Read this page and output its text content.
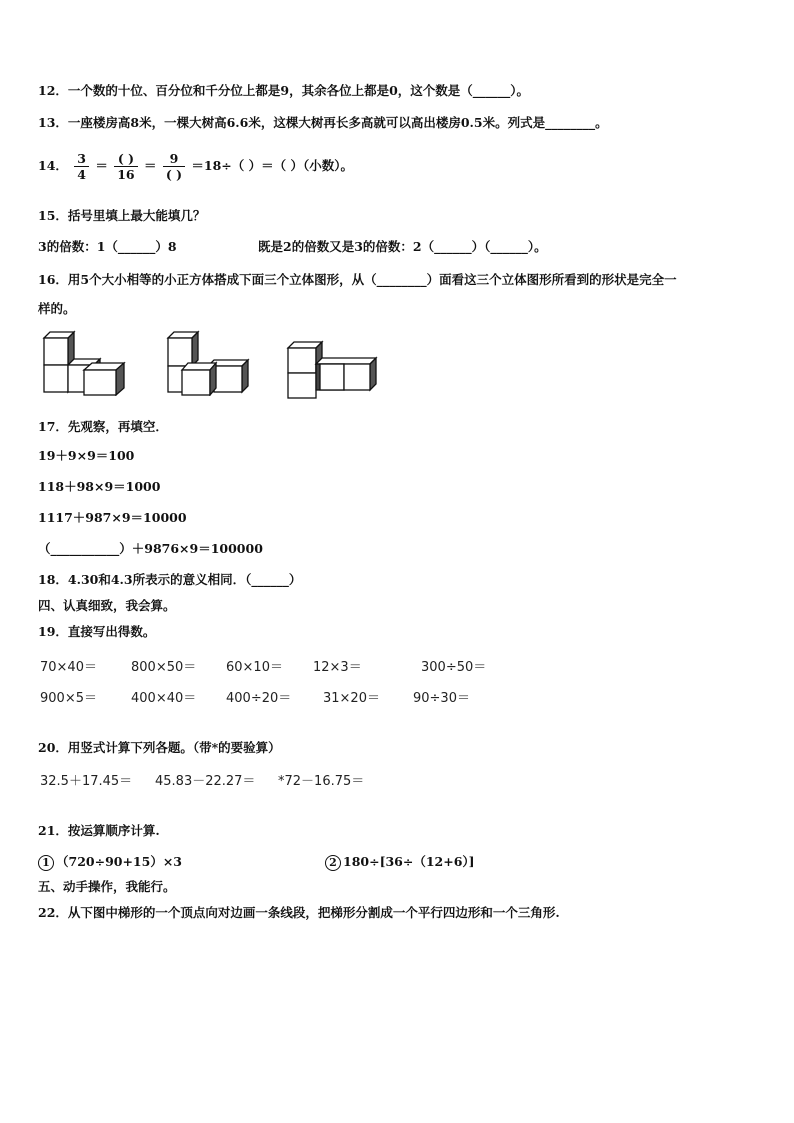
12．一个数的十位、百分位和千分位上都是9，其余各位上都是0，这个数是（______）。
13．一座楼房高8米，一棵大树高6.6米，这棵大树再长多高就可以高出楼房0.5米。列式是________。
14． $\frac{3}{4} = \frac{( )}{16} = \frac{9}{( )} =18\div$（ ）＝（ ）（小数）。
15．括号里填上最大能填几？
3的倍数：1（______）8	既是2的倍数又是3的倍数：2（______）（______）。
16．用5个大小相等的小正方体搭成下面三个立体图形，从（________）面看这三个立体图形所看到的形状是完全一
样的。
17．先观察，再填空．
19＋9×9＝100
118＋98×9＝1000
1117＋987×9＝10000
（___________）＋9876×9＝100000
18．4.30和4.3所表示的意义相同．（______）
四、认真细致，我会算。
19．直接写出得数。
70×40＝	800×50＝ 60×10＝ 12×3＝	300÷50＝
900×5＝	400×40＝ 400÷20＝ 31×20＝	90÷30＝
20．用竖式计算下列各题。（带*的要验算）
32.5＋17.45＝ 45.83－22.27＝ *72－16.75＝
21．按运算顺序计算.
1 （720÷90+15）×3	2 180÷[36÷（12+6）]
五、动手操作，我能行。
22．从下图中梯形的一个顶点向对边画一条线段，把梯形分割成一个平行四边形和一个三角形.
